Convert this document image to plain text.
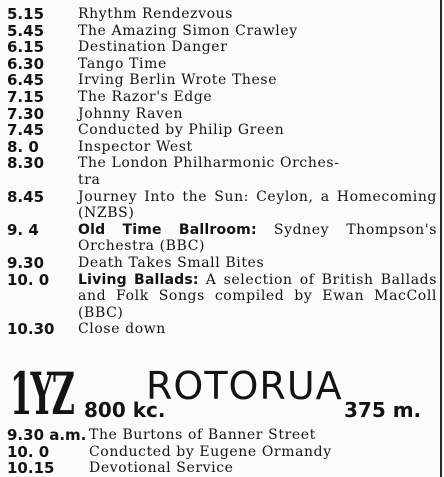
5.15	Rhythm Rendezvous
5.45	The Amazing Simon Crawley
6.15	Destination Danger
6.30	Tango Time
6.45	Irving Berlin Wrote These
7.15	The Razor's Edge
7.30	Johnny Raven
7.45	Conducted by Philip Green
8. 0	Inspector West
8.30	The London Philharmonic Orches-
tra
8.45	Journey Into the Sun: Ceylon, a Homecoming (NZBS)
9. 4	Old Time Ballroom: Sydney Thompson's Orchestra (BBC)
9.30	Death Takes Small Bites
10. 0	Living Ballads: A selection of British Ballads and Folk Songs compiled by Ewan MacColl (BBC)
10.30	Close down
1YZ 800 kc.
ROTORUA
375 m.
9.30 a.m. The Burtons of Banner Street
10. 0	Conducted by Eugene Ormandy
10.15	Devotional Service
